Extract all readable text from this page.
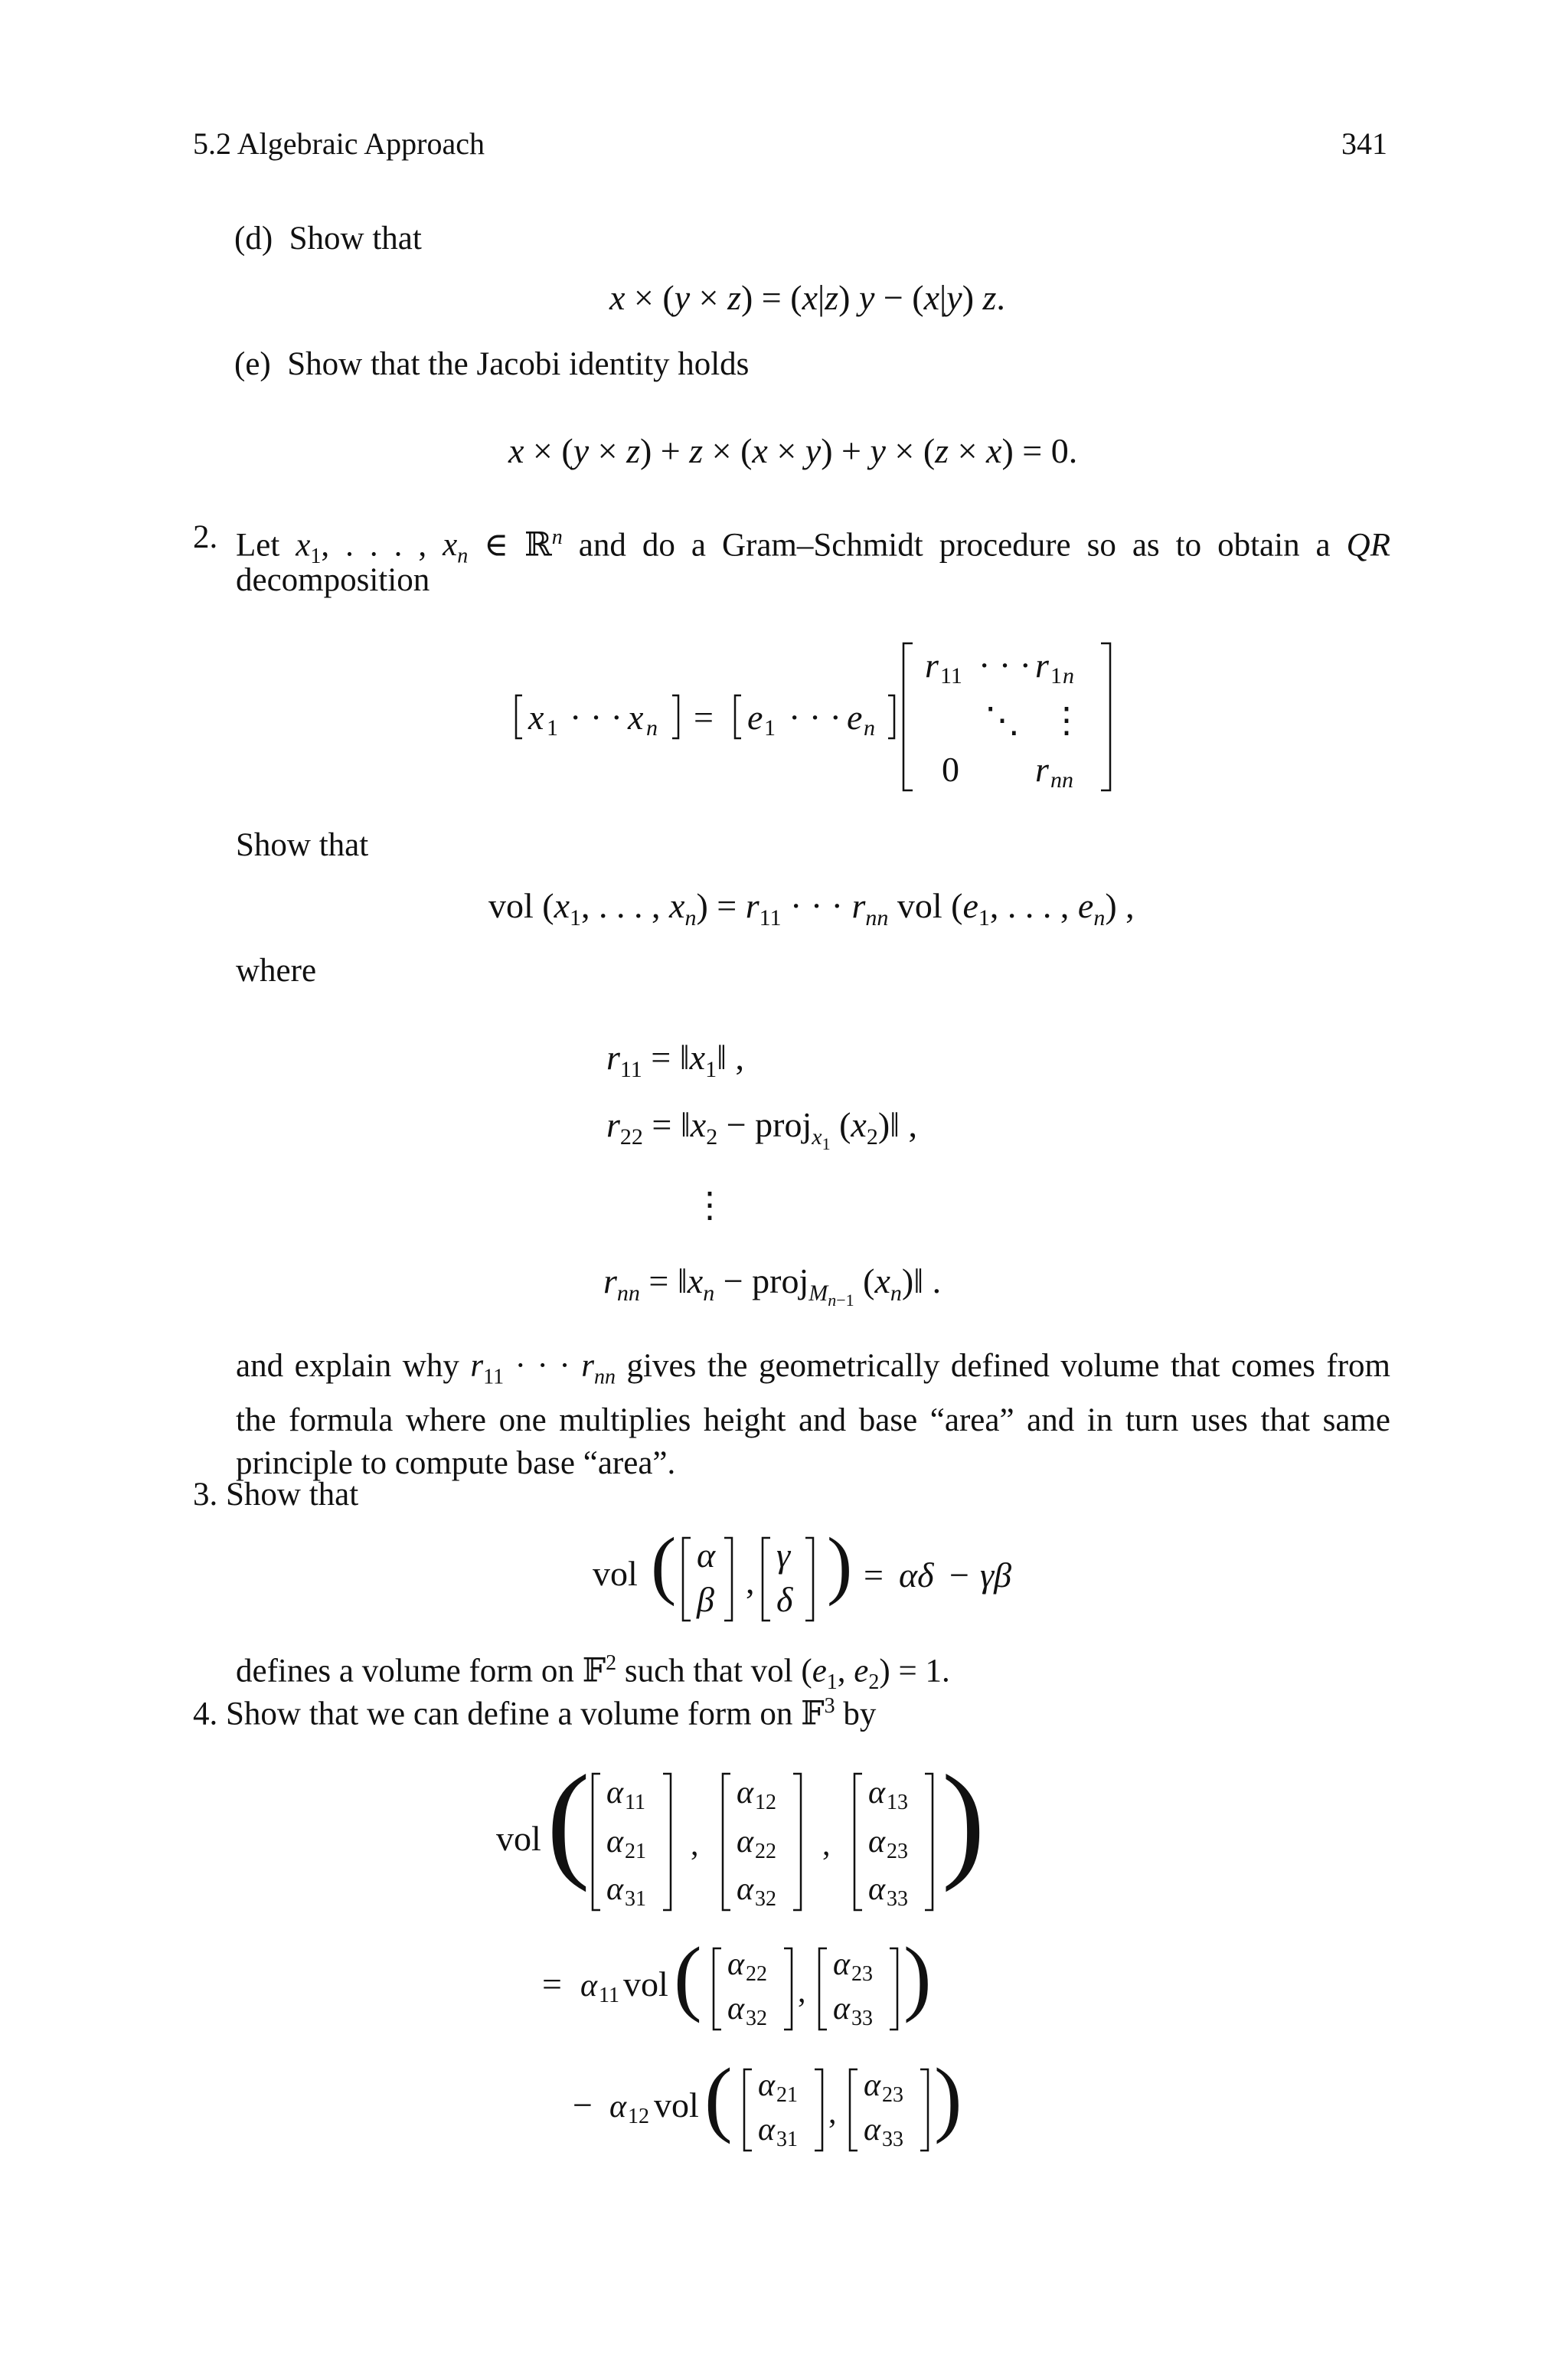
5.2 Algebraic Approach	341
(d) Show that
x × (y × z) = (x|z) y − (x|y) z.
(e) Show that the Jacobi identity holds
x × (y × z) + z × (x × y) + y × (z × x) = 0.
2. Let $x_1$, . . . , $x_n$ ∈ ℝ$^n$ and do a Gram–Schmidt procedure so as to obtain a QR
decomposition
x 1 · · · x n = e 1 · · · e n
r 11 · · · r 1 n
⋱ ⋮
0 r nn
Show that
vol ($x_1$, . . . , $x_n) = r_{11}$ · · · $r_{nn}$ vol ($e_1$, . . . , $e_n$) ,
where
$r_{11}$ = $‖x_1‖$ ,
$r_{22}$ = $‖x_2$ − proj$_{x_1}$ $(x_2)‖$ ,
⋮
$r_{nn}$ = $‖x_n$ − proj$_{M_{n-1}}$ $(x_n)‖$ .
and explain why $r_{11}$ · · · $r_{nn}$ gives the geometrically defined volume that comes from the formula where one multiplies height and base “area” and in turn uses that same principle to compute base “area”.
3. Show that
vol ( α
β ,
γ
δ ) = αδ − γβ
defines a volume form on 𝔽$^2$ such that vol ($e_1$, $e_2) = 1$.
4. Show that we can define a volume form on 𝔽$^3$ by
vol ( α 11
α 21
α 31
,
α 12
α 22
α 32
,
α 13
α 23
α 33
)
= α 11 vol ( α 22
α 32
,
α 23
α 33 )
− α 12 vol ( α 21
α 31
,
α 23
α 33 )
